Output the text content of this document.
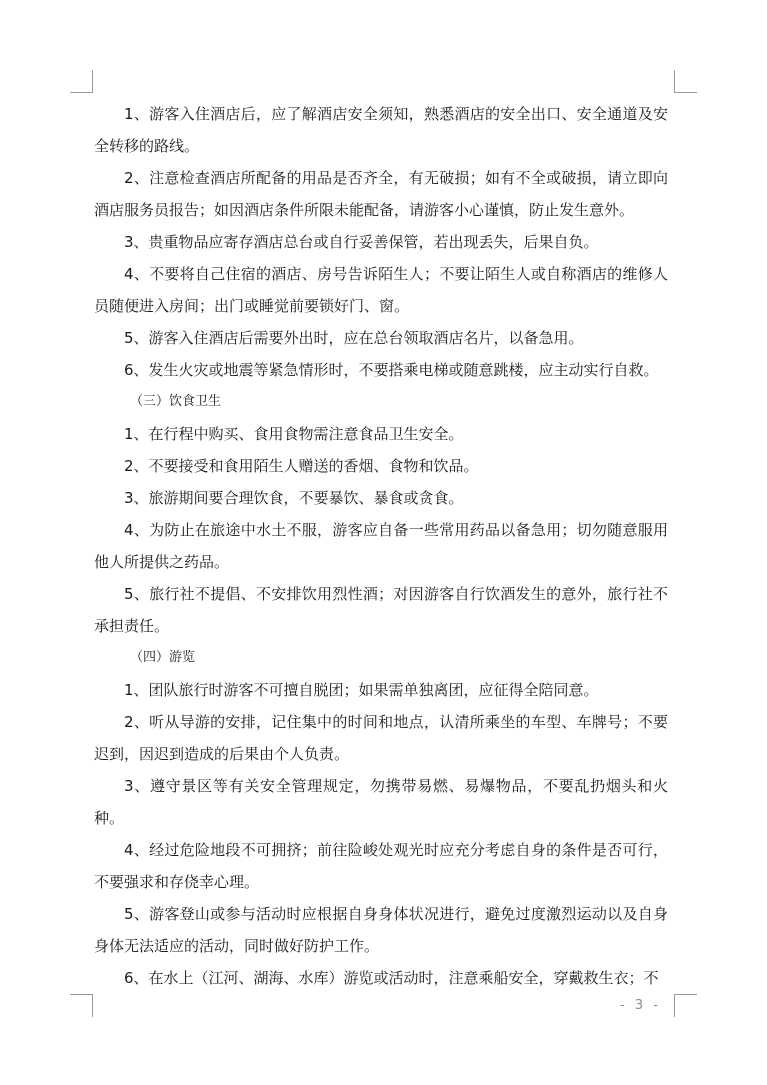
1、游客入住酒店后，应了解酒店安全须知，熟悉酒店的安全出口、安全通道及安全转移的路线。

2、注意检查酒店所配备的用品是否齐全，有无破损；如有不全或破损，请立即向酒店服务员报告；如因酒店条件所限未能配备，请游客小心谨慎，防止发生意外。

3、贵重物品应寄存酒店总台或自行妥善保管，若出现丢失，后果自负。

4、不要将自己住宿的酒店、房号告诉陌生人；不要让陌生人或自称酒店的维修人员随便进入房间；出门或睡觉前要锁好门、窗。

5、游客入住酒店后需要外出时，应在总台领取酒店名片，以备急用。

6、发生火灾或地震等紧急情形时，不要搭乘电梯或随意跳楼，应主动实行自救。

（三）饮食卫生

1、在行程中购买、食用食物需注意食品卫生安全。

2、不要接受和食用陌生人赠送的香烟、食物和饮品。

3、旅游期间要合理饮食，不要暴饮、暴食或贪食。

4、为防止在旅途中水土不服，游客应自备一些常用药品以备急用；切勿随意服用他人所提供之药品。

5、旅行社不提倡、不安排饮用烈性酒；对因游客自行饮酒发生的意外，旅行社不承担责任。

（四）游览

1、团队旅行时游客不可擅自脱团；如果需单独离团，应征得全陪同意。

2、听从导游的安排，记住集中的时间和地点，认清所乘坐的车型、车牌号；不要迟到，因迟到造成的后果由个人负责。

3、遵守景区等有关安全管理规定，勿携带易燃、易爆物品，不要乱扔烟头和火种。

4、经过危险地段不可拥挤；前往险峻处观光时应充分考虑自身的条件是否可行，不要强求和存侥幸心理。

5、游客登山或参与活动时应根据自身身体状况进行，避免过度激烈运动以及自身身体无法适应的活动，同时做好防护工作。

6、在水上（江河、湖海、水库）游览或活动时，注意乘船安全，穿戴救生衣；不

- 3 -
